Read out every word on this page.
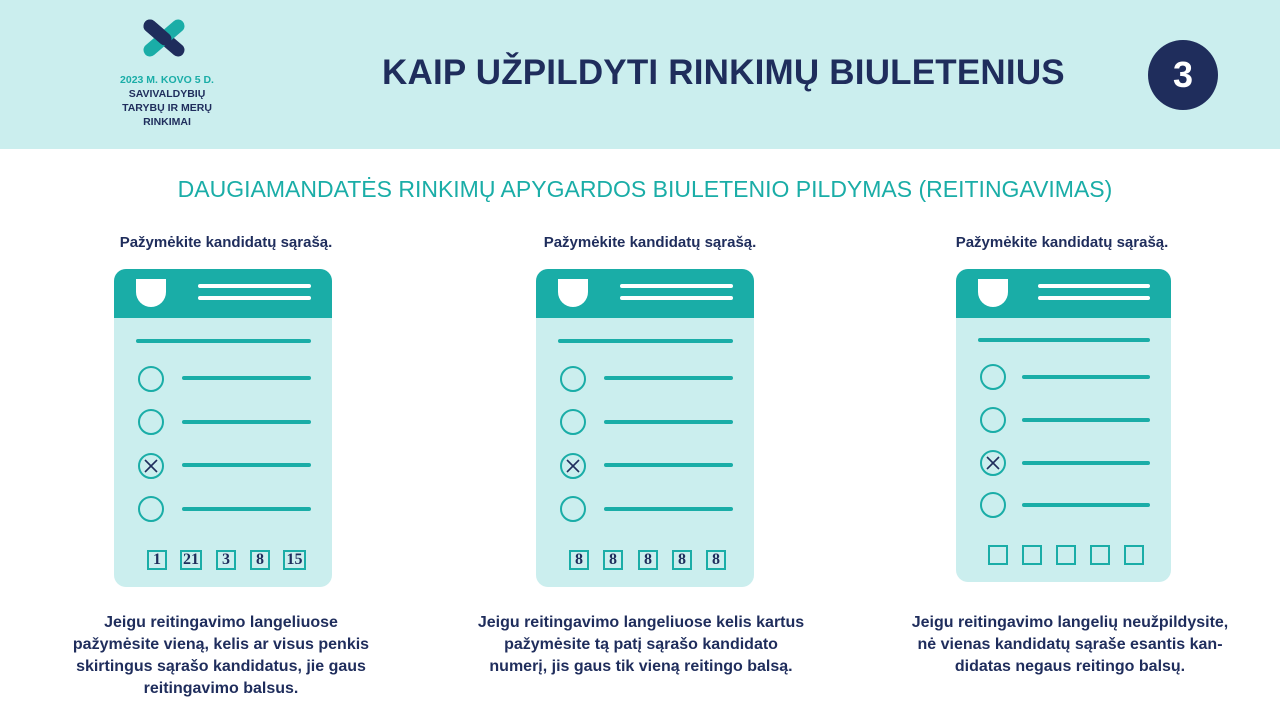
2023 M. KOVO 5 D.
SAVIVALDYBIŲ
TARYBŲ IR MERŲ
RINKIMAI
KAIP UŽPILDYTI RINKIMŲ BIULETENIUS	3
DAUGIAMANDATĖS RINKIMŲ APYGARDOS BIULETENIO PILDYMAS (REITINGAVIMAS)
Pažymėkite kandidatų sąrašą.
1	21	3	8	15
Jeigu reitingavimo langeliuose
pažymėsite vieną, kelis ar visus penkis
skirtingus sąrašo kandidatus, jie gaus
reitingavimo balsus.
Pažymėkite kandidatų sąrašą.
8	8	8	8	8
Jeigu reitingavimo langeliuose kelis kartus
pažymėsite tą patį sąrašo kandidato
numerį, jis gaus tik vieną reitingo balsą.
Pažymėkite kandidatų sąrašą.
Jeigu reitingavimo langelių neužpildysite,
nė vienas kandidatų sąraše esantis kan-
didatas negaus reitingo balsų.
